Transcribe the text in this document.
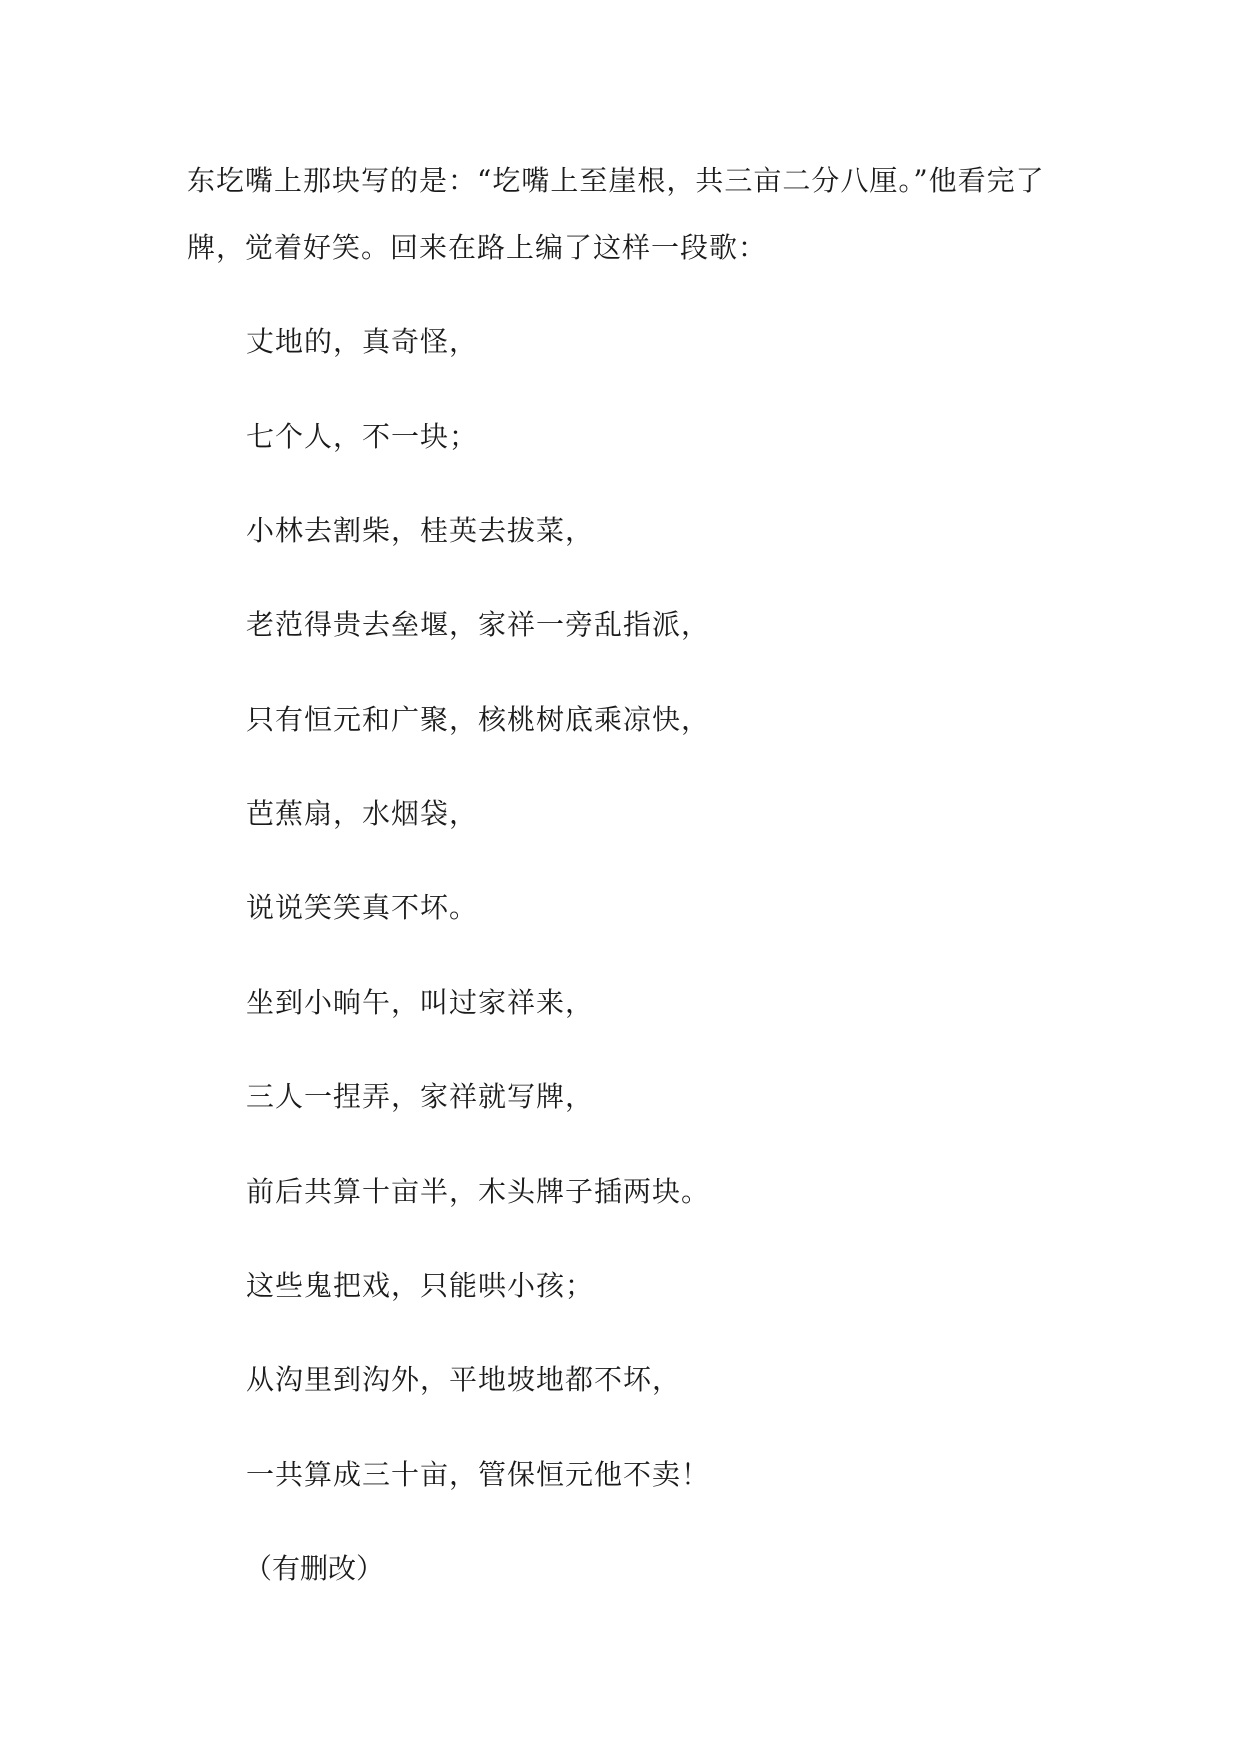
东圪嘴上那块写的是：“圪嘴上至崖根，共三亩二分八厘。”他看完了
牌，觉着好笑。回来在路上编了这样一段歌：
丈地的，真奇怪，
七个人，不一块；
小林去割柴，桂英去拔菜，
老范得贵去垒堰，家祥一旁乱指派，
只有恒元和广聚，核桃树底乘凉快，
芭蕉扇，水烟袋，
说说笑笑真不坏。
坐到小晌午，叫过家祥来，
三人一捏弄，家祥就写牌，
前后共算十亩半，木头牌子插两块。
这些鬼把戏，只能哄小孩；
从沟里到沟外，平地坡地都不坏，
一共算成三十亩，管保恒元他不卖！
（有删改）
